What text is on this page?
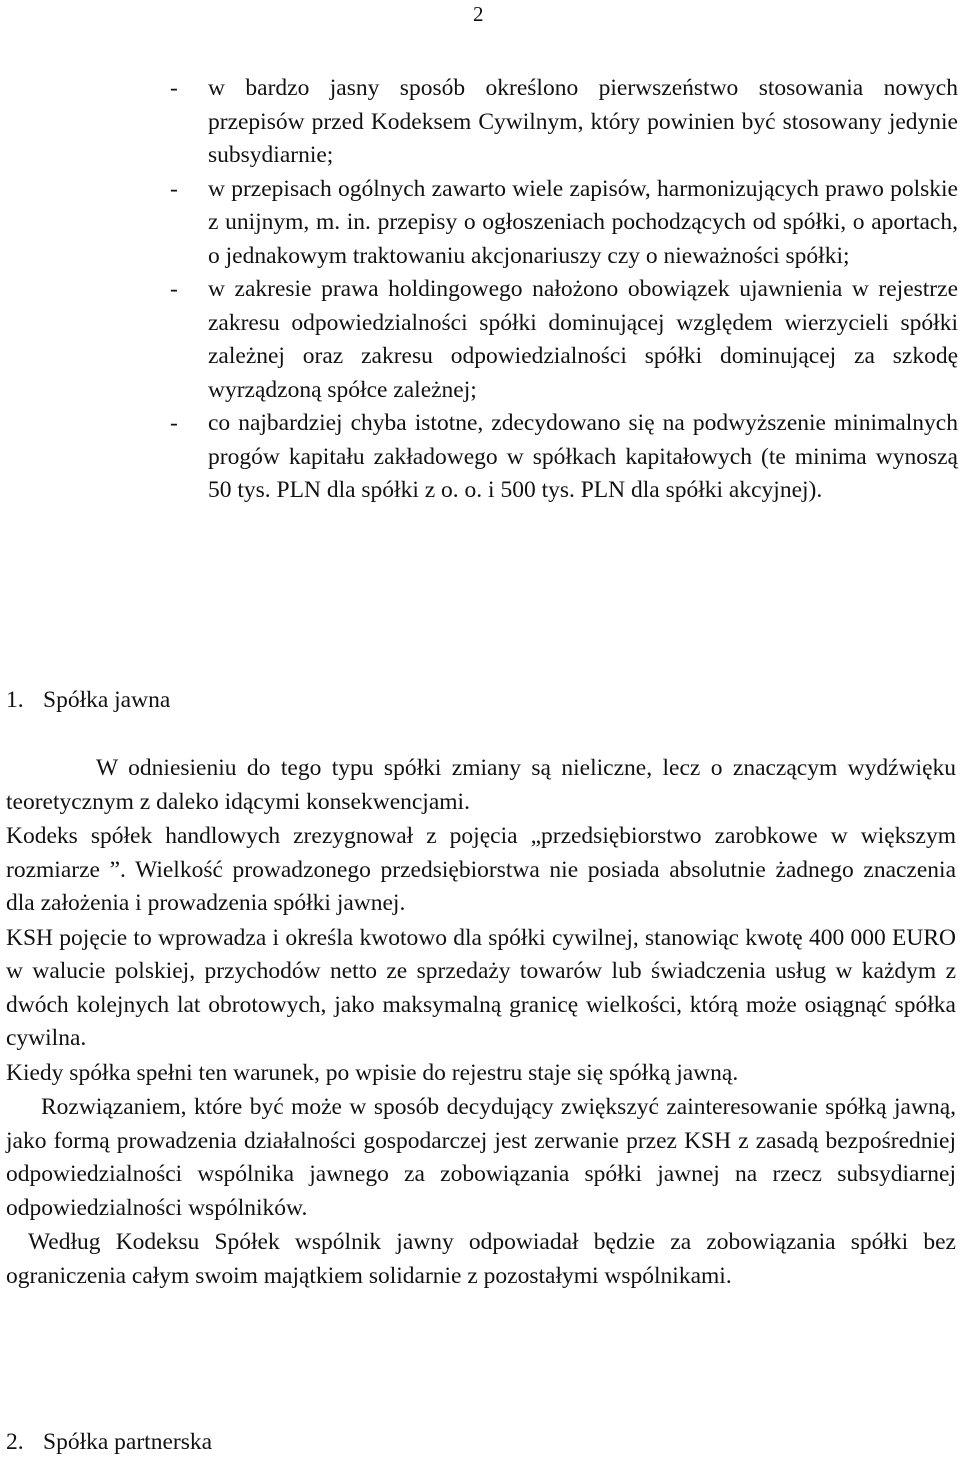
2
-	w bardzo jasny sposób określono pierwszeństwo stosowania nowych przepisów przed Kodeksem Cywilnym, który powinien być stosowany jedynie subsydiarnie;
-	w przepisach ogólnych zawarto wiele zapisów, harmonizujących prawo polskie z unijnym, m. in. przepisy o ogłoszeniach pochodzących od spółki, o aportach, o jednakowym traktowaniu akcjonariuszy czy o nieważności spółki;
-	w zakresie prawa holdingowego nałożono obowiązek ujawnienia w rejestrze zakresu odpowiedzialności spółki dominującej względem wierzycieli spółki zależnej oraz zakresu odpowiedzialności spółki dominującej za szkodę wyrządzoną spółce zależnej;
-	co najbardziej chyba istotne, zdecydowano się na podwyższenie minimalnych progów kapitału zakładowego w spółkach kapitałowych (te minima wynoszą 50 tys. PLN dla spółki z o. o. i 500 tys. PLN dla spółki akcyjnej).
1. Spółka jawna

W odniesieniu do tego typu spółki zmiany są nieliczne, lecz o znaczącym wydźwięku teoretycznym z daleko idącymi konsekwencjami.

Kodeks spółek handlowych zrezygnował z pojęcia „przedsiębiorstwo zarobkowe w większym rozmiarze ”. Wielkość prowadzonego przedsiębiorstwa nie posiada absolutnie żadnego znaczenia dla założenia i prowadzenia spółki jawnej.

KSH pojęcie to wprowadza i określa kwotowo dla spółki cywilnej, stanowiąc kwotę 400 000 EURO w walucie polskiej, przychodów netto ze sprzedaży towarów lub świadczenia usług w każdym z dwóch kolejnych lat obrotowych, jako maksymalną granicę wielkości, którą może osiągnąć spółka cywilna.

Kiedy spółka spełni ten warunek, po wpisie do rejestru staje się spółką jawną.

Rozwiązaniem, które być może w sposób decydujący zwiększyć zainteresowanie spółką jawną, jako formą prowadzenia działalności gospodarczej jest zerwanie przez KSH z zasadą bezpośredniej odpowiedzialności wspólnika jawnego za zobowiązania spółki jawnej na rzecz subsydiarnej odpowiedzialności wspólników.

Według Kodeksu Spółek wspólnik jawny odpowiadał będzie za zobowiązania spółki bez ograniczenia całym swoim majątkiem solidarnie z pozostałymi wspólnikami.

2. Spółka partnerska
